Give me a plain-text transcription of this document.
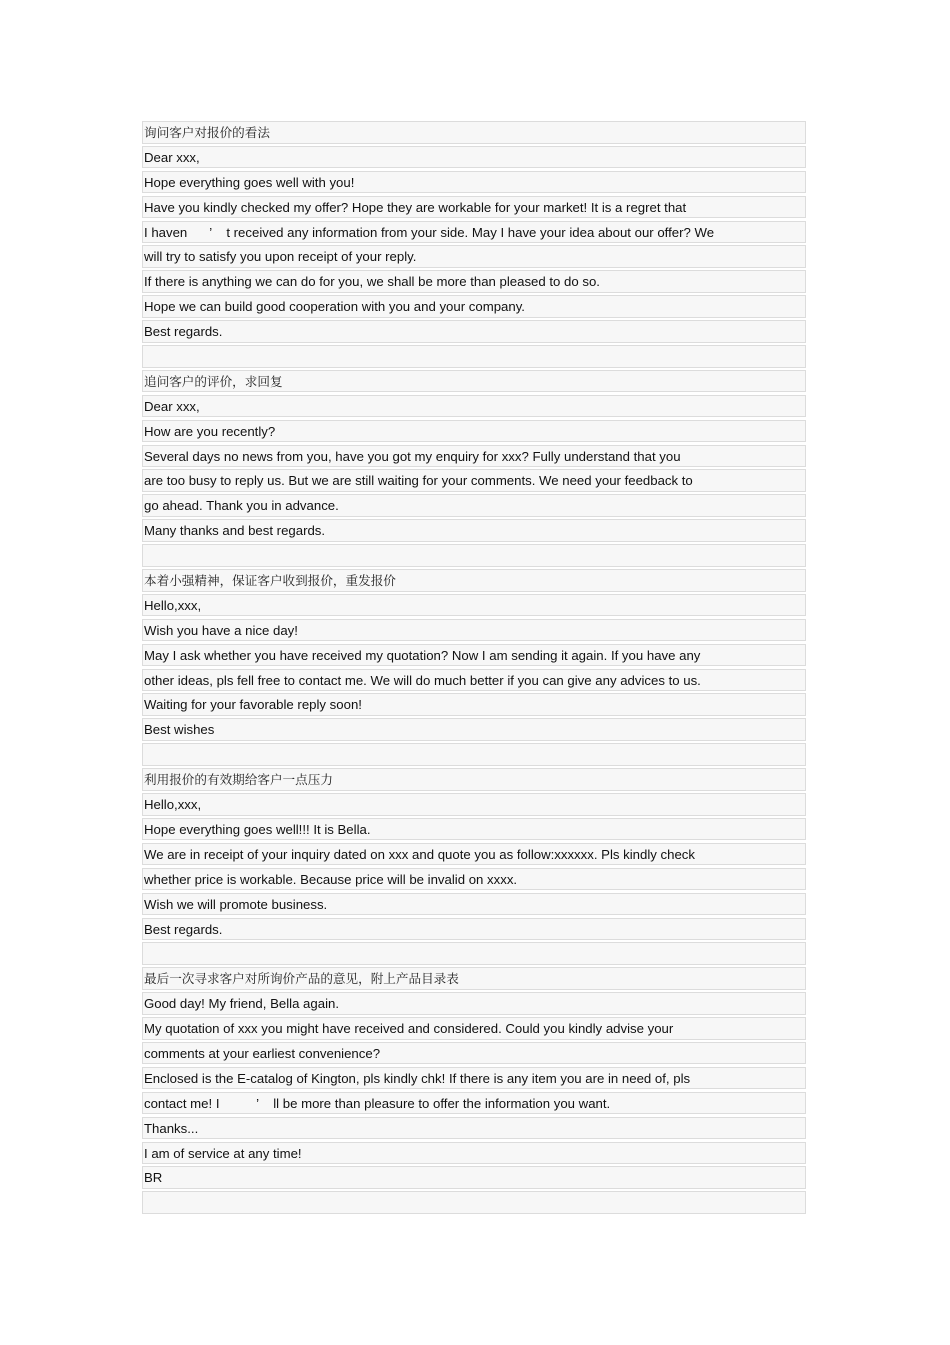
询问客户对报价的看法
Dear xxx,
Hope everything goes well with you!
Have you kindly checked my offer? Hope they are workable for your market! It is a regret that
I haven      ’    t received any information from your side. May I have your idea about our offer? We
will try to satisfy you upon receipt of your reply.
If there is anything we can do for you, we shall be more than pleased to do so.
Hope we can build good cooperation with you and your company.
Best regards.
追问客户的评价，求回复
Dear xxx,
How are you recently?
Several days no news from you, have you got my enquiry for xxx? Fully understand that you
are too busy to reply us. But we are still waiting for your comments. We need your feedback to
go ahead. Thank you in advance.
Many thanks and best regards.
本着小强精神，保证客户收到报价，重发报价
Hello,xxx,
Wish you have a nice day!
May I ask whether you have received my quotation? Now I am sending it again. If you have any
other ideas, pls fell free to contact me. We will do much better if you can give any advices to us.
Waiting for your favorable reply soon!
Best wishes
利用报价的有效期给客户一点压力
Hello,xxx,
Hope everything goes well!!! It is Bella.
We are in receipt of your inquiry dated on xxx and quote you as follow:xxxxxx. Pls kindly check
whether price is workable. Because price will be invalid on xxxx.
Wish we will promote business.
Best regards.
最后一次寻求客户对所询价产品的意见，附上产品目录表
Good day! My friend, Bella again.
My quotation of xxx you might have received and considered. Could you kindly advise your
comments at your earliest convenience?
Enclosed is the E-catalog of Kington, pls kindly chk! If there is any item you are in need of, pls
contact me! I          ’    ll be more than pleasure to offer the information you want.
Thanks...
I am of service at any time!
BR
